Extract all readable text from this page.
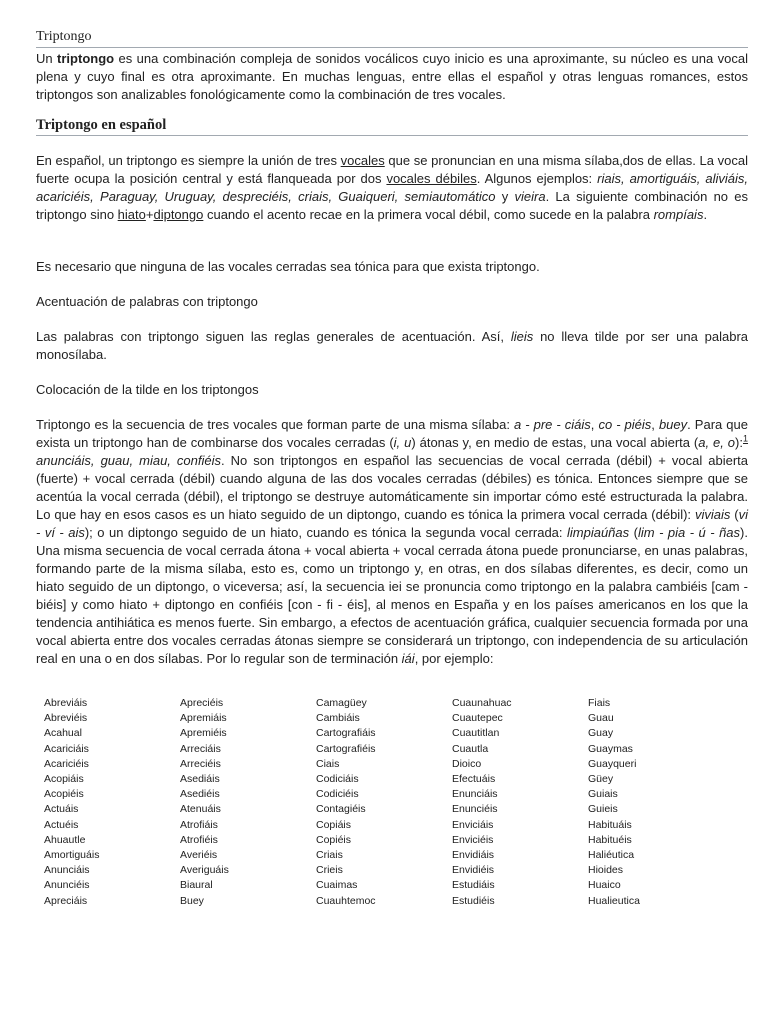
Triptongo
Un triptongo es una combinación compleja de sonidos vocálicos cuyo inicio es una aproximante, su núcleo es una vocal plena y cuyo final es otra aproximante. En muchas lenguas, entre ellas el español y otras lenguas romances, estos triptongos son analizables fonológicamente como la combinación de tres vocales.
Triptongo en español
En español, un triptongo es siempre la unión de tres vocales que se pronuncian en una misma sílaba,dos de ellas. La vocal fuerte ocupa la posición central y está flanqueada por dos vocales débiles. Algunos ejemplos: riais, amortiguáis, aliviáis, acariciéis, Paraguay, Uruguay, despreciéis, criais, Guaiqueri, semiautomático y vieira. La siguiente combinación no es triptongo sino hiato+diptongo cuando el acento recae en la primera vocal débil, como sucede en la palabra rompíais.
Es necesario que ninguna de las vocales cerradas sea tónica para que exista triptongo.
Acentuación de palabras con triptongo
Las palabras con triptongo siguen las reglas generales de acentuación. Así, lieis no lleva tilde por ser una palabra monosílaba.
Colocación de la tilde en los triptongos
Triptongo es la secuencia de tres vocales que forman parte de una misma sílaba: a - pre - ciáis, co - piéis, buey. Para que exista un triptongo han de combinarse dos vocales cerradas (i, u) átonas y, en medio de estas, una vocal abierta (a, e, o):$^1$ anunciáis, guau, miau, confiéis. No son triptongos en español las secuencias de vocal cerrada (débil) + vocal abierta (fuerte) + vocal cerrada (débil) cuando alguna de las dos vocales cerradas (débiles) es tónica. Entonces siempre que se acentúa la vocal cerrada (débil), el triptongo se destruye automáticamente sin importar cómo esté estructurada la palabra. Lo que hay en esos casos es un hiato seguido de un diptongo, cuando es tónica la primera vocal cerrada (débil): viviais (vi - ví - ais); o un diptongo seguido de un hiato, cuando es tónica la segunda vocal cerrada: limpiaúñas (lim - pia - ú - ñas). Una misma secuencia de vocal cerrada átona + vocal abierta + vocal cerrada átona puede pronunciarse, en unas palabras, formando parte de la misma sílaba, esto es, como un triptongo y, en otras, en dos sílabas diferentes, es decir, como un hiato seguido de un diptongo, o viceversa; así, la secuencia iei se pronuncia como triptongo en la palabra cambiéis [cam - biéis] y como hiato + diptongo en confiéis [con - fi - éis], al menos en España y en los países americanos en los que la tendencia antihiática es menos fuerte. Sin embargo, a efectos de acentuación gráfica, cualquier secuencia formada por una vocal abierta entre dos vocales cerradas átonas siempre se considerará un triptongo, con independencia de su articulación real en una o en dos sílabas. Por lo regular son de terminación iái, por ejemplo:
Abreviáis
Abreviéis
Acahual
Acariciáis
Acariciéis
Acopiáis
Acopiéis
Actuáis
Actuéis
Ahuautle
Amortiguáis
Anunciáis
Anunciéis
Apreciáis
Apreciéis
Apremiáis
Apremiéis
Arreciáis
Arreciéis
Asediáis
Asediéis
Atenuáis
Atrofiáis
Atrofiéis
Averiéis
Averiguáis
Biaural
Buey
Camagüey
Cambiáis
Cartografiáis
Cartografiéis
Ciais
Codiciáis
Codiciéis
Contagiéis
Copiáis
Copiéis
Criais
Crieis
Cuaimas
Cuauhtemoc
Cuaunahuac
Cuautepec
Cuautitlan
Cuautla
Dioico
Efectuáis
Enunciáis
Enunciéis
Enviciáis
Enviciéis
Envidiáis
Envidiéis
Estudiáis
Estudiéis
Fiais
Guau
Guay
Guaymas
Guayqueri
Güey
Guiais
Guieis
Habituáis
Habituéis
Haliéutica
Hioides
Huaico
Hualieutica
